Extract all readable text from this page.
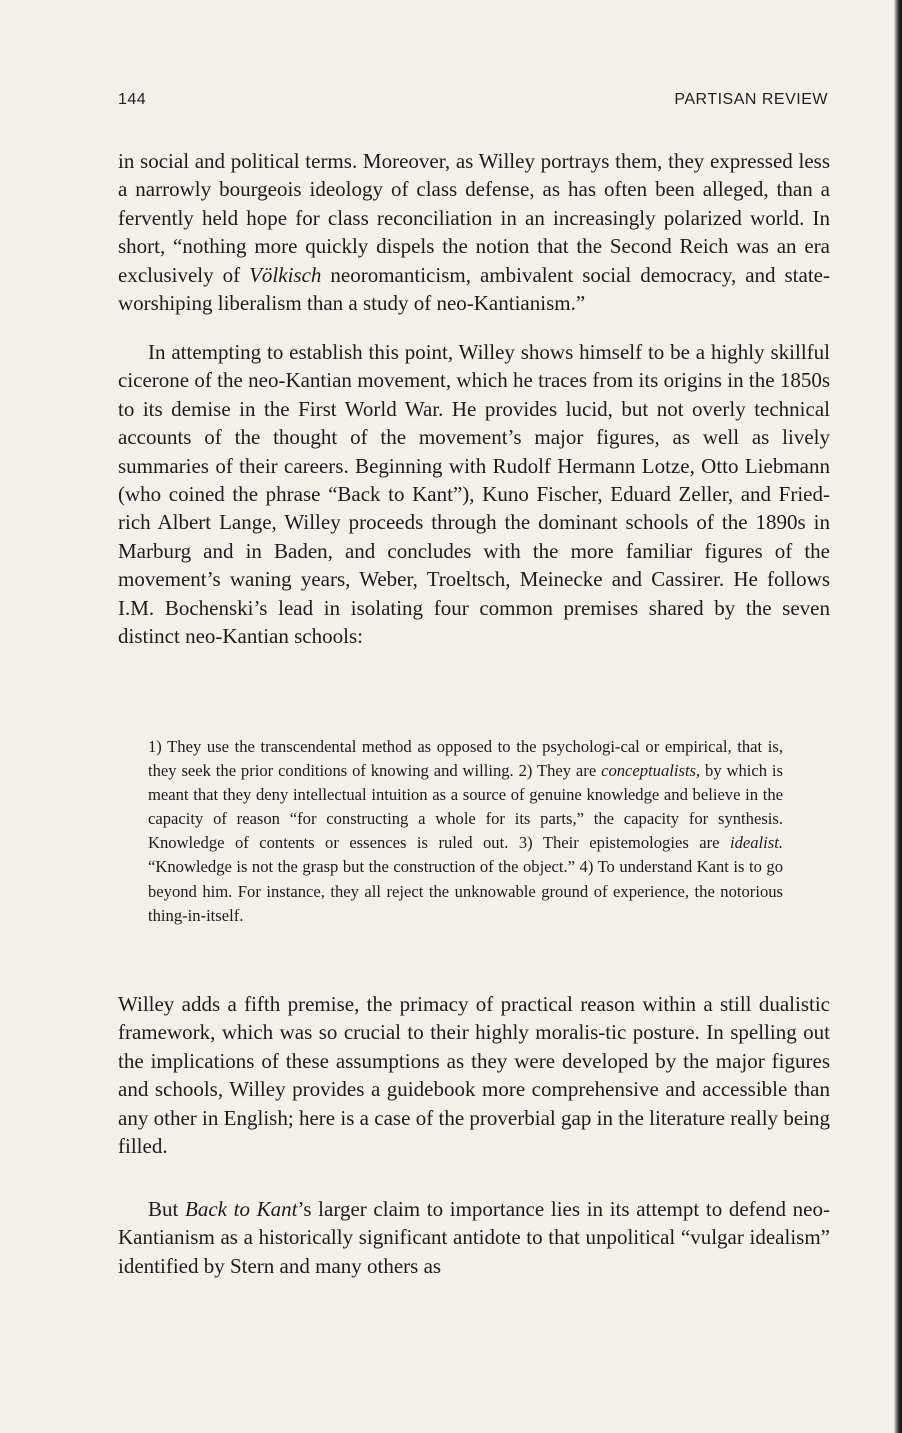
144	PARTISAN REVIEW

in social and political terms. Moreover, as Willey portrays them, they expressed less a narrowly bourgeois ideology of class defense, as has often been alleged, than a fervently held hope for class reconciliation in an increasingly polarized world. In short, “nothing more quickly dispels the notion that the Second Reich was an era exclusively of Völkisch neoromanticism, ambivalent social democracy, and state-worshiping liberalism than a study of neo-Kantianism.”

In attempting to establish this point, Willey shows himself to be a highly skillful cicerone of the neo-Kantian movement, which he traces from its origins in the 1850s to its demise in the First World War. He provides lucid, but not overly technical accounts of the thought of the movement’s major figures, as well as lively summaries of their careers. Beginning with Rudolf Hermann Lotze, Otto Liebmann (who coined the phrase “Back to Kant”), Kuno Fischer, Eduard Zeller, and Fried-rich Albert Lange, Willey proceeds through the dominant schools of the 1890s in Marburg and in Baden, and concludes with the more familiar figures of the movement’s waning years, Weber, Troeltsch, Meinecke and Cassirer. He follows I.M. Bochenski’s lead in isolating four common premises shared by the seven distinct neo-Kantian schools:

1) They use the transcendental method as opposed to the psychologi-cal or empirical, that is, they seek the prior conditions of knowing and willing. 2) They are conceptualists, by which is meant that they deny intellectual intuition as a source of genuine knowledge and believe in the capacity of reason “for constructing a whole for its parts,” the capacity for synthesis. Knowledge of contents or essences is ruled out. 3) Their epistemologies are idealist. “Knowledge is not the grasp but the construction of the object.” 4) To understand Kant is to go beyond him. For instance, they all reject the unknowable ground of experience, the notorious thing-in-itself.

Willey adds a fifth premise, the primacy of practical reason within a still dualistic framework, which was so crucial to their highly moralis-tic posture. In spelling out the implications of these assumptions as they were developed by the major figures and schools, Willey provides a guidebook more comprehensive and accessible than any other in English; here is a case of the proverbial gap in the literature really being filled.

But Back to Kant’s larger claim to importance lies in its attempt to defend neo-Kantianism as a historically significant antidote to that unpolitical “vulgar idealism” identified by Stern and many others as
